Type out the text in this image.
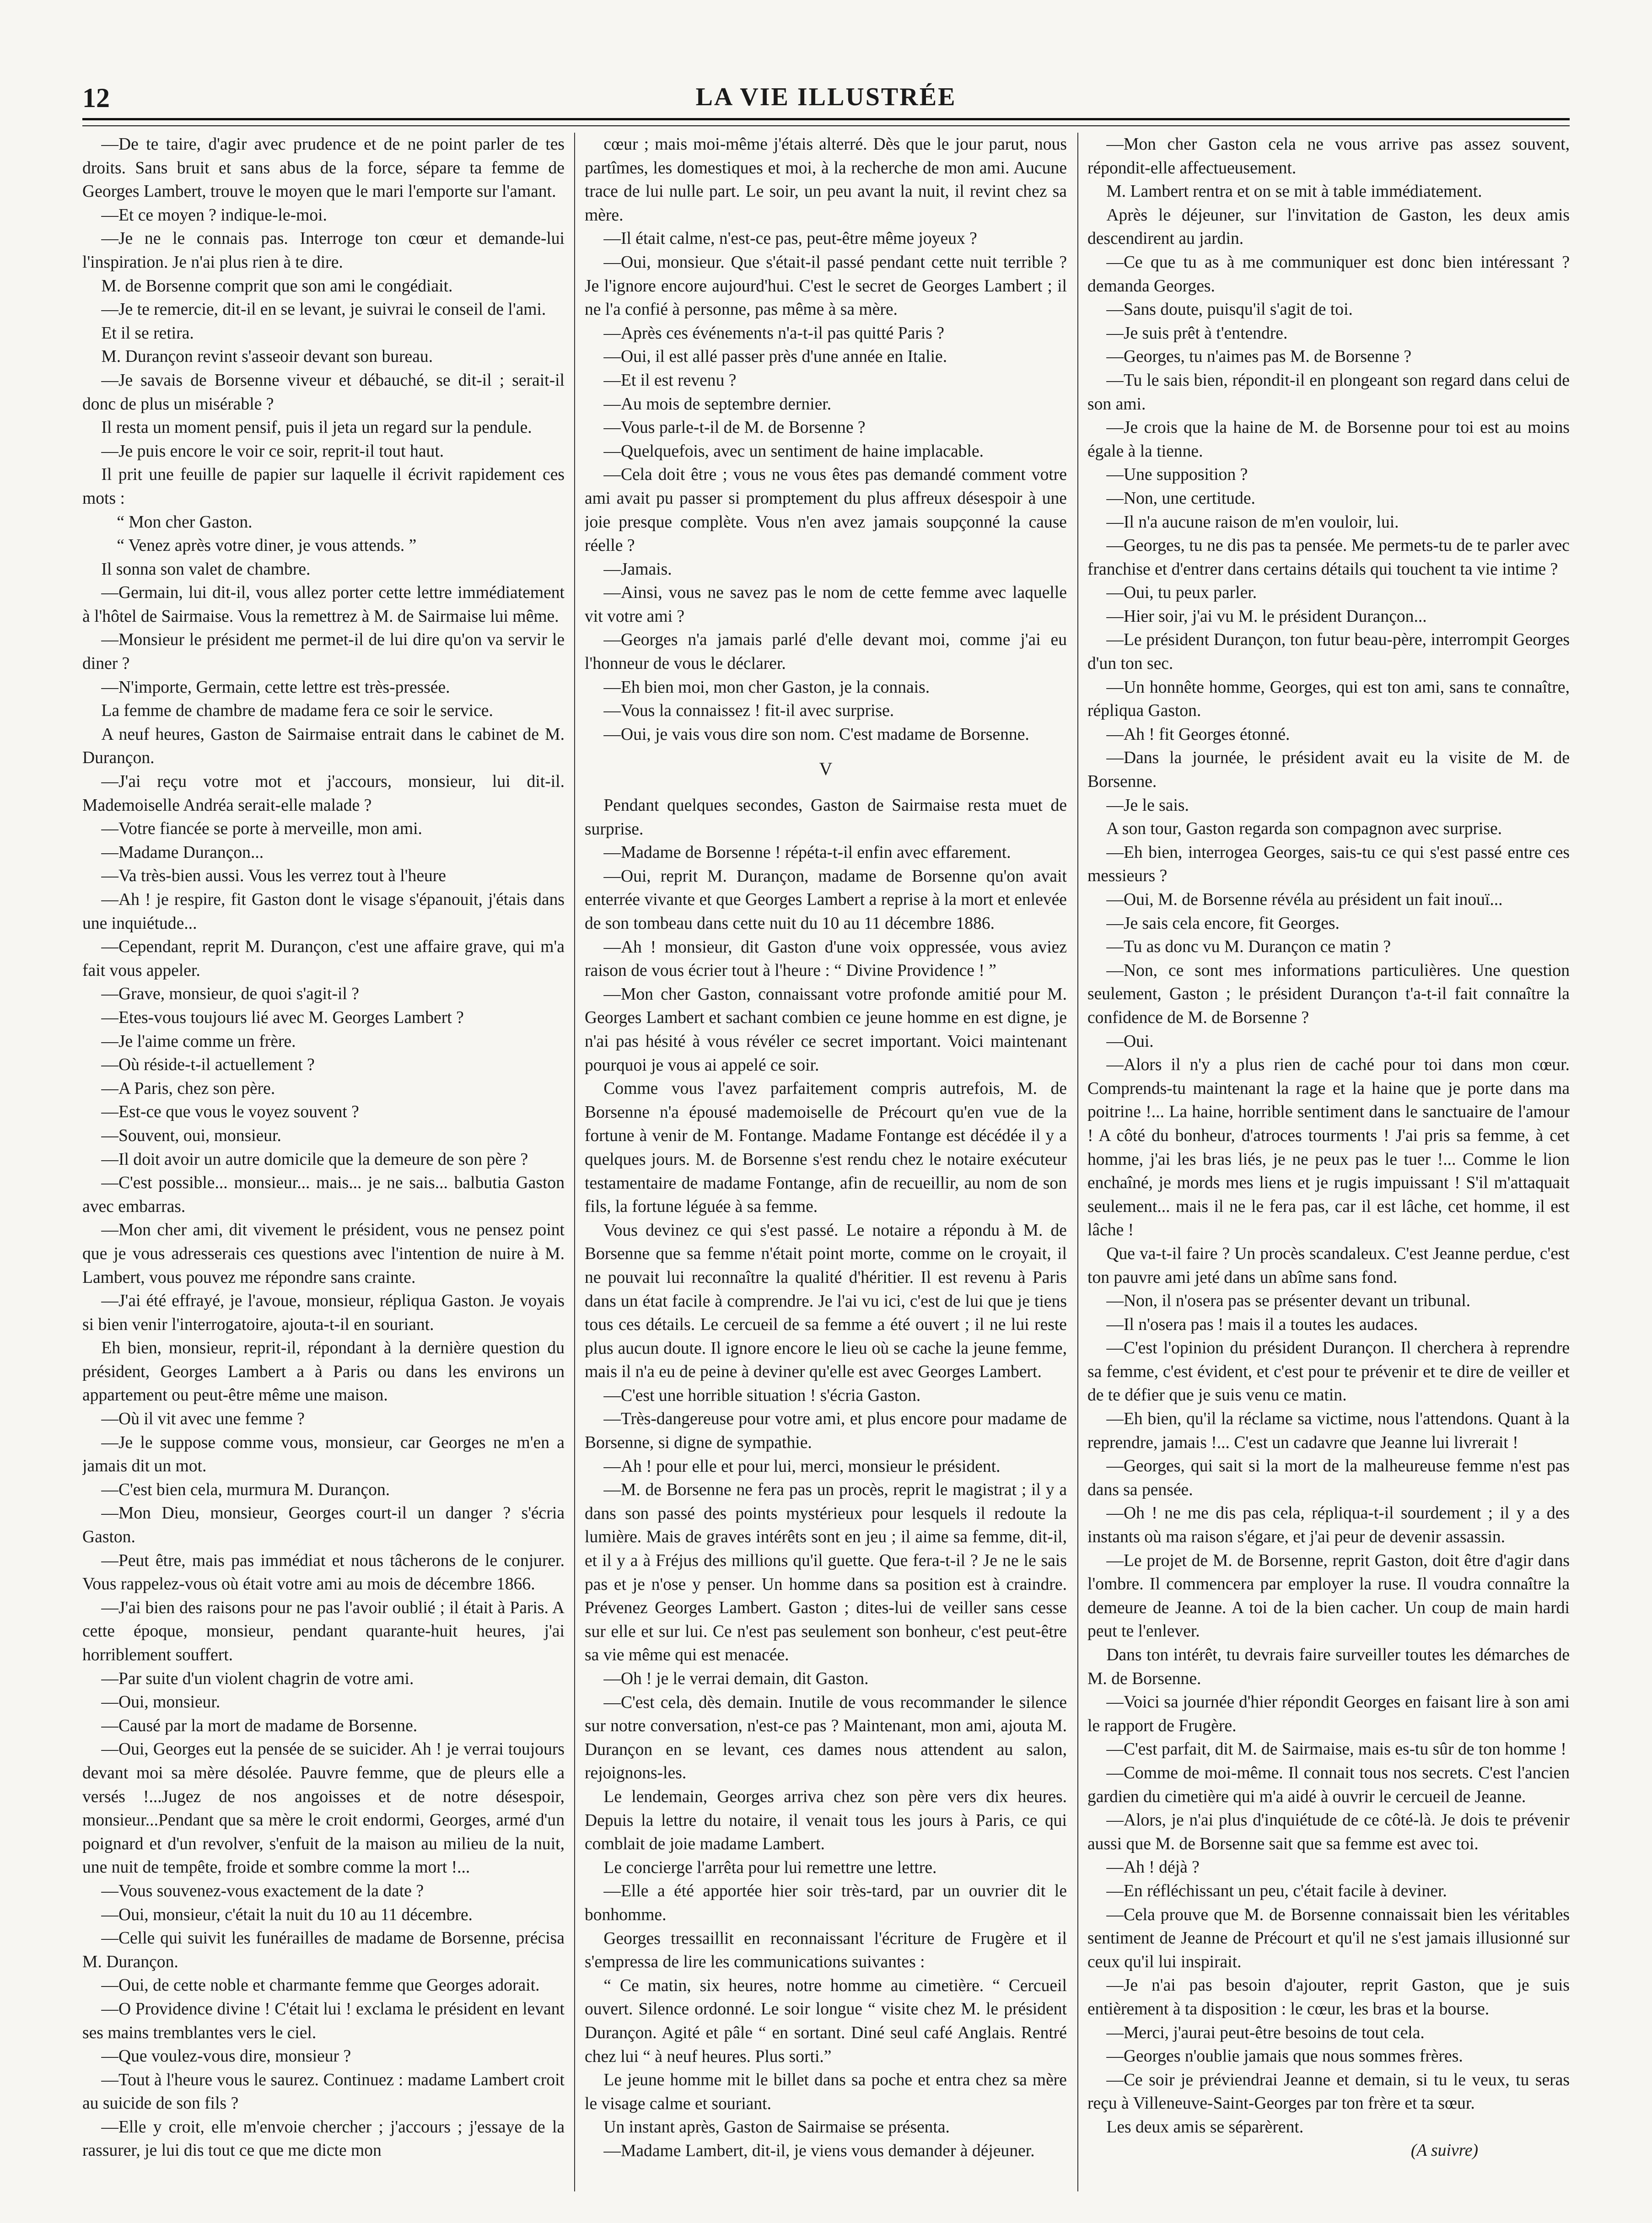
12	LA VIE ILLUSTRÉE

—De te taire, d'agir avec prudence et de ne point parler de tes droits. Sans bruit et sans abus de la force, sépare ta femme de Georges Lambert, trouve le moyen que le mari l'emporte sur l'amant.

—Et ce moyen ? indique-le-moi.

—Je ne le connais pas. Interroge ton cœur et demande-lui l'inspiration. Je n'ai plus rien à te dire.

M. de Borsenne comprit que son ami le congédiait.

—Je te remercie, dit-il en se levant, je suivrai le conseil de l'ami.

Et il se retira.

M. Durançon revint s'asseoir devant son bureau.

—Je savais de Borsenne viveur et débauché, se dit-il ; serait-il donc de plus un misérable ?

Il resta un moment pensif, puis il jeta un regard sur la pendule.

—Je puis encore le voir ce soir, reprit-il tout haut.

Il prit une feuille de papier sur laquelle il écrivit rapidement ces mots :

“ Mon cher Gaston.

“ Venez après votre diner, je vous attends. ”

Il sonna son valet de chambre.

—Germain, lui dit-il, vous allez porter cette lettre immédiatement à l'hôtel de Sairmaise. Vous la remettrez à M. de Sairmaise lui même.

—Monsieur le président me permet-il de lui dire qu'on va servir le diner ?

—N'importe, Germain, cette lettre est très-pressée.

La femme de chambre de madame fera ce soir le service.

A neuf heures, Gaston de Sairmaise entrait dans le cabinet de M. Durançon.

—J'ai reçu votre mot et j'accours, monsieur, lui dit-il. Mademoiselle Andréa serait-elle malade ?

—Votre fiancée se porte à merveille, mon ami.

—Madame Durançon...

—Va très-bien aussi. Vous les verrez tout à l'heure

—Ah ! je respire, fit Gaston dont le visage s'épanouit, j'étais dans une inquiétude...

—Cependant, reprit M. Durançon, c'est une affaire grave, qui m'a fait vous appeler.

—Grave, monsieur, de quoi s'agit-il ?

—Etes-vous toujours lié avec M. Georges Lambert ?

—Je l'aime comme un frère.

—Où réside-t-il actuellement ?

—A Paris, chez son père.

—Est-ce que vous le voyez souvent ?

—Souvent, oui, monsieur.

—Il doit avoir un autre domicile que la demeure de son père ?

—C'est possible... monsieur... mais... je ne sais... balbutia Gaston avec embarras.

—Mon cher ami, dit vivement le président, vous ne pensez point que je vous adresserais ces questions avec l'intention de nuire à M. Lambert, vous pouvez me répondre sans crainte.

—J'ai été effrayé, je l'avoue, monsieur, répliqua Gaston. Je voyais si bien venir l'interrogatoire, ajouta-t-il en souriant.

Eh bien, monsieur, reprit-il, répondant à la dernière question du président, Georges Lambert a à Paris ou dans les environs un appartement ou peut-être même une maison.

—Où il vit avec une femme ?

—Je le suppose comme vous, monsieur, car Georges ne m'en a jamais dit un mot.

—C'est bien cela, murmura M. Durançon.

—Mon Dieu, monsieur, Georges court-il un danger ? s'écria Gaston.

—Peut être, mais pas immédiat et nous tâcherons de le conjurer. Vous rappelez-vous où était votre ami au mois de décembre 1866.

—J'ai bien des raisons pour ne pas l'avoir oublié ; il était à Paris. A cette époque, monsieur, pendant quarante-huit heures, j'ai horriblement souffert.

—Par suite d'un violent chagrin de votre ami.

—Oui, monsieur.

—Causé par la mort de madame de Borsenne.

—Oui, Georges eut la pensée de se suicider. Ah ! je verrai toujours devant moi sa mère désolée. Pauvre femme, que de pleurs elle a versés !...Jugez de nos angoisses et de notre désespoir, monsieur...Pendant que sa mère le croit endormi, Georges, armé d'un poignard et d'un revolver, s'enfuit de la maison au milieu de la nuit, une nuit de tempête, froide et sombre comme la mort !...

—Vous souvenez-vous exactement de la date ?

—Oui, monsieur, c'était la nuit du 10 au 11 décembre.

—Celle qui suivit les funérailles de madame de Borsenne, précisa M. Durançon.

—Oui, de cette noble et charmante femme que Georges adorait.

—O Providence divine ! C'était lui ! exclama le président en levant ses mains tremblantes vers le ciel.

—Que voulez-vous dire, monsieur ?

—Tout à l'heure vous le saurez. Continuez : madame Lambert croit au suicide de son fils ?

—Elle y croit, elle m'envoie chercher ; j'accours ; j'essaye de la rassurer, je lui dis tout ce que me dicte mon

cœur ; mais moi-même j'étais alterré. Dès que le jour parut, nous partîmes, les domestiques et moi, à la recherche de mon ami. Aucune trace de lui nulle part. Le soir, un peu avant la nuit, il revint chez sa mère.

—Il était calme, n'est-ce pas, peut-être même joyeux ?

—Oui, monsieur. Que s'était-il passé pendant cette nuit terrible ? Je l'ignore encore aujourd'hui. C'est le secret de Georges Lambert ; il ne l'a confié à personne, pas même à sa mère.

—Après ces événements n'a-t-il pas quitté Paris ?

—Oui, il est allé passer près d'une année en Italie.

—Et il est revenu ?

—Au mois de septembre dernier.

—Vous parle-t-il de M. de Borsenne ?

—Quelquefois, avec un sentiment de haine implacable.

—Cela doit être ; vous ne vous êtes pas demandé comment votre ami avait pu passer si promptement du plus affreux désespoir à une joie presque complète. Vous n'en avez jamais soupçonné la cause réelle ?

—Jamais.

—Ainsi, vous ne savez pas le nom de cette femme avec laquelle vit votre ami ?

—Georges n'a jamais parlé d'elle devant moi, comme j'ai eu l'honneur de vous le déclarer.

—Eh bien moi, mon cher Gaston, je la connais.

—Vous la connaissez ! fit-il avec surprise.

—Oui, je vais vous dire son nom. C'est madame de Borsenne.

V

Pendant quelques secondes, Gaston de Sairmaise resta muet de surprise.

—Madame de Borsenne ! répéta-t-il enfin avec effarement.

—Oui, reprit M. Durançon, madame de Borsenne qu'on avait enterrée vivante et que Georges Lambert a reprise à la mort et enlevée de son tombeau dans cette nuit du 10 au 11 décembre 1886.

—Ah ! monsieur, dit Gaston d'une voix oppressée, vous aviez raison de vous écrier tout à l'heure : “ Divine Providence ! ”

—Mon cher Gaston, connaissant votre profonde amitié pour M. Georges Lambert et sachant combien ce jeune homme en est digne, je n'ai pas hésité à vous révéler ce secret important. Voici maintenant pourquoi je vous ai appelé ce soir.

Comme vous l'avez parfaitement compris autrefois, M. de Borsenne n'a épousé mademoiselle de Précourt qu'en vue de la fortune à venir de M. Fontange. Madame Fontange est décédée il y a quelques jours. M. de Borsenne s'est rendu chez le notaire exécuteur testamentaire de madame Fontange, afin de recueillir, au nom de son fils, la fortune léguée à sa femme.

Vous devinez ce qui s'est passé. Le notaire a répondu à M. de Borsenne que sa femme n'était point morte, comme on le croyait, il ne pouvait lui reconnaître la qualité d'héritier. Il est revenu à Paris dans un état facile à comprendre. Je l'ai vu ici, c'est de lui que je tiens tous ces détails. Le cercueil de sa femme a été ouvert ; il ne lui reste plus aucun doute. Il ignore encore le lieu où se cache la jeune femme, mais il n'a eu de peine à deviner qu'elle est avec Georges Lambert.

—C'est une horrible situation ! s'écria Gaston.

—Très-dangereuse pour votre ami, et plus encore pour madame de Borsenne, si digne de sympathie.

—Ah ! pour elle et pour lui, merci, monsieur le président.

—M. de Borsenne ne fera pas un procès, reprit le magistrat ; il y a dans son passé des points mystérieux pour lesquels il redoute la lumière. Mais de graves intérêts sont en jeu ; il aime sa femme, dit-il, et il y a à Fréjus des millions qu'il guette. Que fera-t-il ? Je ne le sais pas et je n'ose y penser. Un homme dans sa position est à craindre. Prévenez Georges Lambert. Gaston ; dites-lui de veiller sans cesse sur elle et sur lui. Ce n'est pas seulement son bonheur, c'est peut-être sa vie même qui est menacée.

—Oh ! je le verrai demain, dit Gaston.

—C'est cela, dès demain. Inutile de vous recommander le silence sur notre conversation, n'est-ce pas ? Maintenant, mon ami, ajouta M. Durançon en se levant, ces dames nous attendent au salon, rejoignons-les.

Le lendemain, Georges arriva chez son père vers dix heures. Depuis la lettre du notaire, il venait tous les jours à Paris, ce qui comblait de joie madame Lambert.

Le concierge l'arrêta pour lui remettre une lettre.

—Elle a été apportée hier soir très-tard, par un ouvrier dit le bonhomme.

Georges tressaillit en reconnaissant l'écriture de Frugère et il s'empressa de lire les communications suivantes :

“ Ce matin, six heures, notre homme au cimetière. “ Cercueil ouvert. Silence ordonné. Le soir longue “ visite chez M. le président Durançon. Agité et pâle “ en sortant. Diné seul café Anglais. Rentré chez lui “ à neuf heures. Plus sorti.”

Le jeune homme mit le billet dans sa poche et entra chez sa mère le visage calme et souriant.

Un instant après, Gaston de Sairmaise se présenta.

—Madame Lambert, dit-il, je viens vous demander à déjeuner.

—Mon cher Gaston cela ne vous arrive pas assez souvent, répondit-elle affectueusement.

M. Lambert rentra et on se mit à table immédiatement.

Après le déjeuner, sur l'invitation de Gaston, les deux amis descendirent au jardin.

—Ce que tu as à me communiquer est donc bien intéressant ? demanda Georges.

—Sans doute, puisqu'il s'agit de toi.

—Je suis prêt à t'entendre.

—Georges, tu n'aimes pas M. de Borsenne ?

—Tu le sais bien, répondit-il en plongeant son regard dans celui de son ami.

—Je crois que la haine de M. de Borsenne pour toi est au moins égale à la tienne.

—Une supposition ?

—Non, une certitude.

—Il n'a aucune raison de m'en vouloir, lui.

—Georges, tu ne dis pas ta pensée. Me permets-tu de te parler avec franchise et d'entrer dans certains détails qui touchent ta vie intime ?

—Oui, tu peux parler.

—Hier soir, j'ai vu M. le président Durançon...

—Le président Durançon, ton futur beau-père, interrompit Georges d'un ton sec.

—Un honnête homme, Georges, qui est ton ami, sans te connaître, répliqua Gaston.

—Ah ! fit Georges étonné.

—Dans la journée, le président avait eu la visite de M. de Borsenne.

—Je le sais.

A son tour, Gaston regarda son compagnon avec surprise.

—Eh bien, interrogea Georges, sais-tu ce qui s'est passé entre ces messieurs ?

—Oui, M. de Borsenne révéla au président un fait inouï...

—Je sais cela encore, fit Georges.

—Tu as donc vu M. Durançon ce matin ?

—Non, ce sont mes informations particulières. Une question seulement, Gaston ; le président Durançon t'a-t-il fait connaître la confidence de M. de Borsenne ?

—Oui.

—Alors il n'y a plus rien de caché pour toi dans mon cœur. Comprends-tu maintenant la rage et la haine que je porte dans ma poitrine !... La haine, horrible sentiment dans le sanctuaire de l'amour ! A côté du bonheur, d'atroces tourments ! J'ai pris sa femme, à cet homme, j'ai les bras liés, je ne peux pas le tuer !... Comme le lion enchaîné, je mords mes liens et je rugis impuissant ! S'il m'attaquait seulement... mais il ne le fera pas, car il est lâche, cet homme, il est lâche !

Que va-t-il faire ? Un procès scandaleux. C'est Jeanne perdue, c'est ton pauvre ami jeté dans un abîme sans fond.

—Non, il n'osera pas se présenter devant un tribunal.

—Il n'osera pas ! mais il a toutes les audaces.

—C'est l'opinion du président Durançon. Il cherchera à reprendre sa femme, c'est évident, et c'est pour te prévenir et te dire de veiller et de te défier que je suis venu ce matin.

—Eh bien, qu'il la réclame sa victime, nous l'attendons. Quant à la reprendre, jamais !... C'est un cadavre que Jeanne lui livrerait !

—Georges, qui sait si la mort de la malheureuse femme n'est pas dans sa pensée.

—Oh ! ne me dis pas cela, répliqua-t-il sourdement ; il y a des instants où ma raison s'égare, et j'ai peur de devenir assassin.

—Le projet de M. de Borsenne, reprit Gaston, doit être d'agir dans l'ombre. Il commencera par employer la ruse. Il voudra connaître la demeure de Jeanne. A toi de la bien cacher. Un coup de main hardi peut te l'enlever.

Dans ton intérêt, tu devrais faire surveiller toutes les démarches de M. de Borsenne.

—Voici sa journée d'hier répondit Georges en faisant lire à son ami le rapport de Frugère.

—C'est parfait, dit M. de Sairmaise, mais es-tu sûr de ton homme !

—Comme de moi-même. Il connait tous nos secrets. C'est l'ancien gardien du cimetière qui m'a aidé à ouvrir le cercueil de Jeanne.

—Alors, je n'ai plus d'inquiétude de ce côté-là. Je dois te prévenir aussi que M. de Borsenne sait que sa femme est avec toi.

—Ah ! déjà ?

—En réfléchissant un peu, c'était facile à deviner.

—Cela prouve que M. de Borsenne connaissait bien les véritables sentiment de Jeanne de Précourt et qu'il ne s'est jamais illusionné sur ceux qu'il lui inspirait.

—Je n'ai pas besoin d'ajouter, reprit Gaston, que je suis entièrement à ta disposition : le cœur, les bras et la bourse.

—Merci, j'aurai peut-être besoins de tout cela.

—Georges n'oublie jamais que nous sommes frères.

—Ce soir je préviendrai Jeanne et demain, si tu le veux, tu seras reçu à Villeneuve-Saint-Georges par ton frère et ta sœur.

Les deux amis se séparèrent.

(A suivre)
